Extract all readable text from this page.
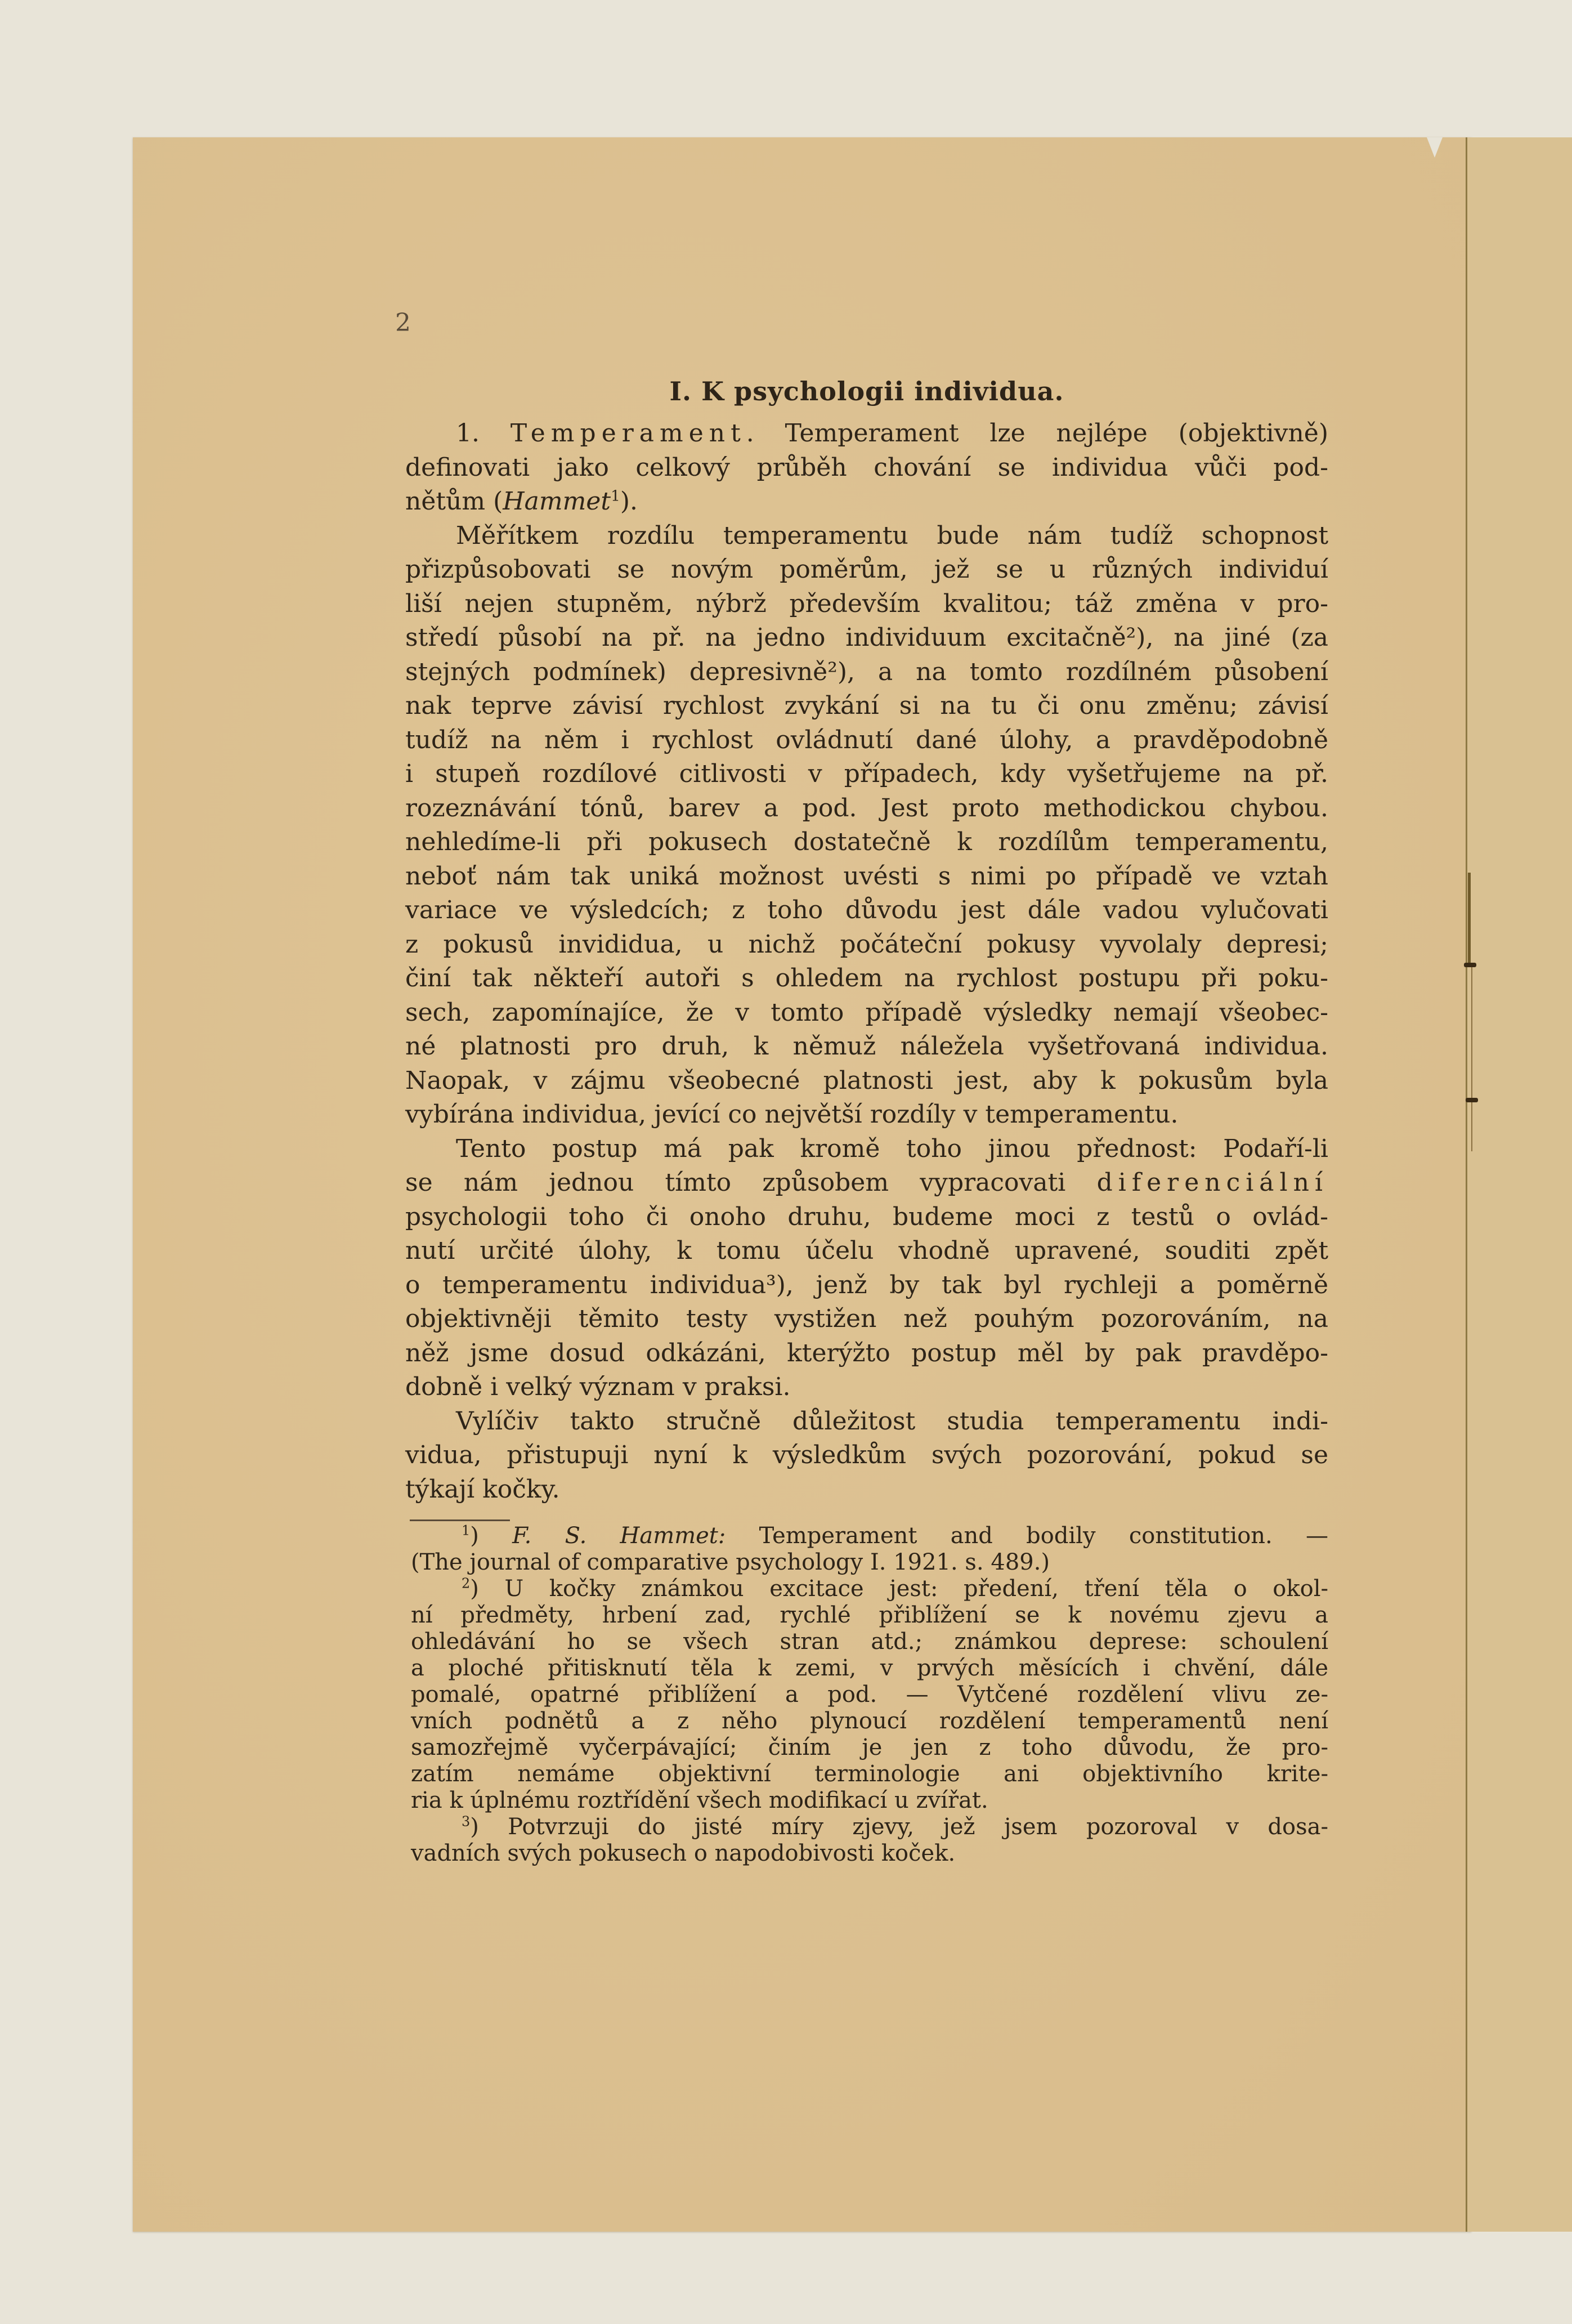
2
I. K psychologii individua.
1. Temperament. Temperament lze nejlépe (objektivně)
definovati jako celkový průběh chování se individua vůči pod-
nětům (Hammet$^1$).
Měřítkem rozdílu temperamentu bude nám tudíž schopnost
přizpůsobovati se novým poměrům, jež se u různých individuí
liší nejen stupněm, nýbrž především kvalitou; táž změna v pro-
středí působí na př. na jedno individuum excitačně²), na jiné (za
stejných podmínek) depresivně²), a na tomto rozdílném působení
nak teprve závisí rychlost zvykání si na tu či onu změnu; závisí
tudíž na něm i rychlost ovládnutí dané úlohy, a pravděpodobně
i stupeň rozdílové citlivosti v případech, kdy vyšetřujeme na př.
rozeznávání tónů, barev a pod. Jest proto methodickou chybou.
nehledíme-li při pokusech dostatečně k rozdílům temperamentu,
neboť nám tak uniká možnost uvésti s nimi po případě ve vztah
variace ve výsledcích; z toho důvodu jest dále vadou vylučovati
z pokusů invididua, u nichž počáteční pokusy vyvolaly depresi;
činí tak někteří autoři s ohledem na rychlost postupu při poku-
sech, zapomínajíce, že v tomto případě výsledky nemají všeobec-
né platnosti pro druh, k němuž náležela vyšetřovaná individua.
Naopak, v zájmu všeobecné platnosti jest, aby k pokusům byla
vybírána individua, jevící co největší rozdíly v temperamentu.
Tento postup má pak kromě toho jinou přednost: Podaří-li
se nám jednou tímto způsobem vypracovati diferenciální
psychologii toho či onoho druhu, budeme moci z testů o ovlád-
nutí určité úlohy, k tomu účelu vhodně upravené, souditi zpět
o temperamentu individua³), jenž by tak byl rychleji a poměrně
objektivněji těmito testy vystižen než pouhým pozorováním, na
něž jsme dosud odkázáni, kterýžto postup měl by pak pravděpo-
dobně i velký význam v praksi.
Vylíčiv takto stručně důležitost studia temperamentu indi-
vidua, přistupuji nyní k výsledkům svých pozorování, pokud se
týkají kočky.
$^1$) F. S. Hammet: Temperament and bodily constitution. —
(The journal of comparative psychology I. 1921. s. 489.)
$^2$) U kočky známkou excitace jest: předení, tření těla o okol-
ní předměty, hrbení zad, rychlé přiblížení se k novému zjevu a
ohledávání ho se všech stran atd.; známkou deprese: schoulení
a ploché přitisknutí těla k zemi, v prvých měsících i chvění, dále
pomalé, opatrné přiblížení a pod. — Vytčené rozdělení vlivu ze-
vních podnětů a z něho plynoucí rozdělení temperamentů není
samozřejmě vyčerpávající; činím je jen z toho důvodu, že pro-
zatím nemáme objektivní terminologie ani objektivního krite-
ria k úplnému roztřídění všech modifikací u zvířat.
$^3$) Potvrzuji do jisté míry zjevy, jež jsem pozoroval v dosa-
vadních svých pokusech o napodobivosti koček.
